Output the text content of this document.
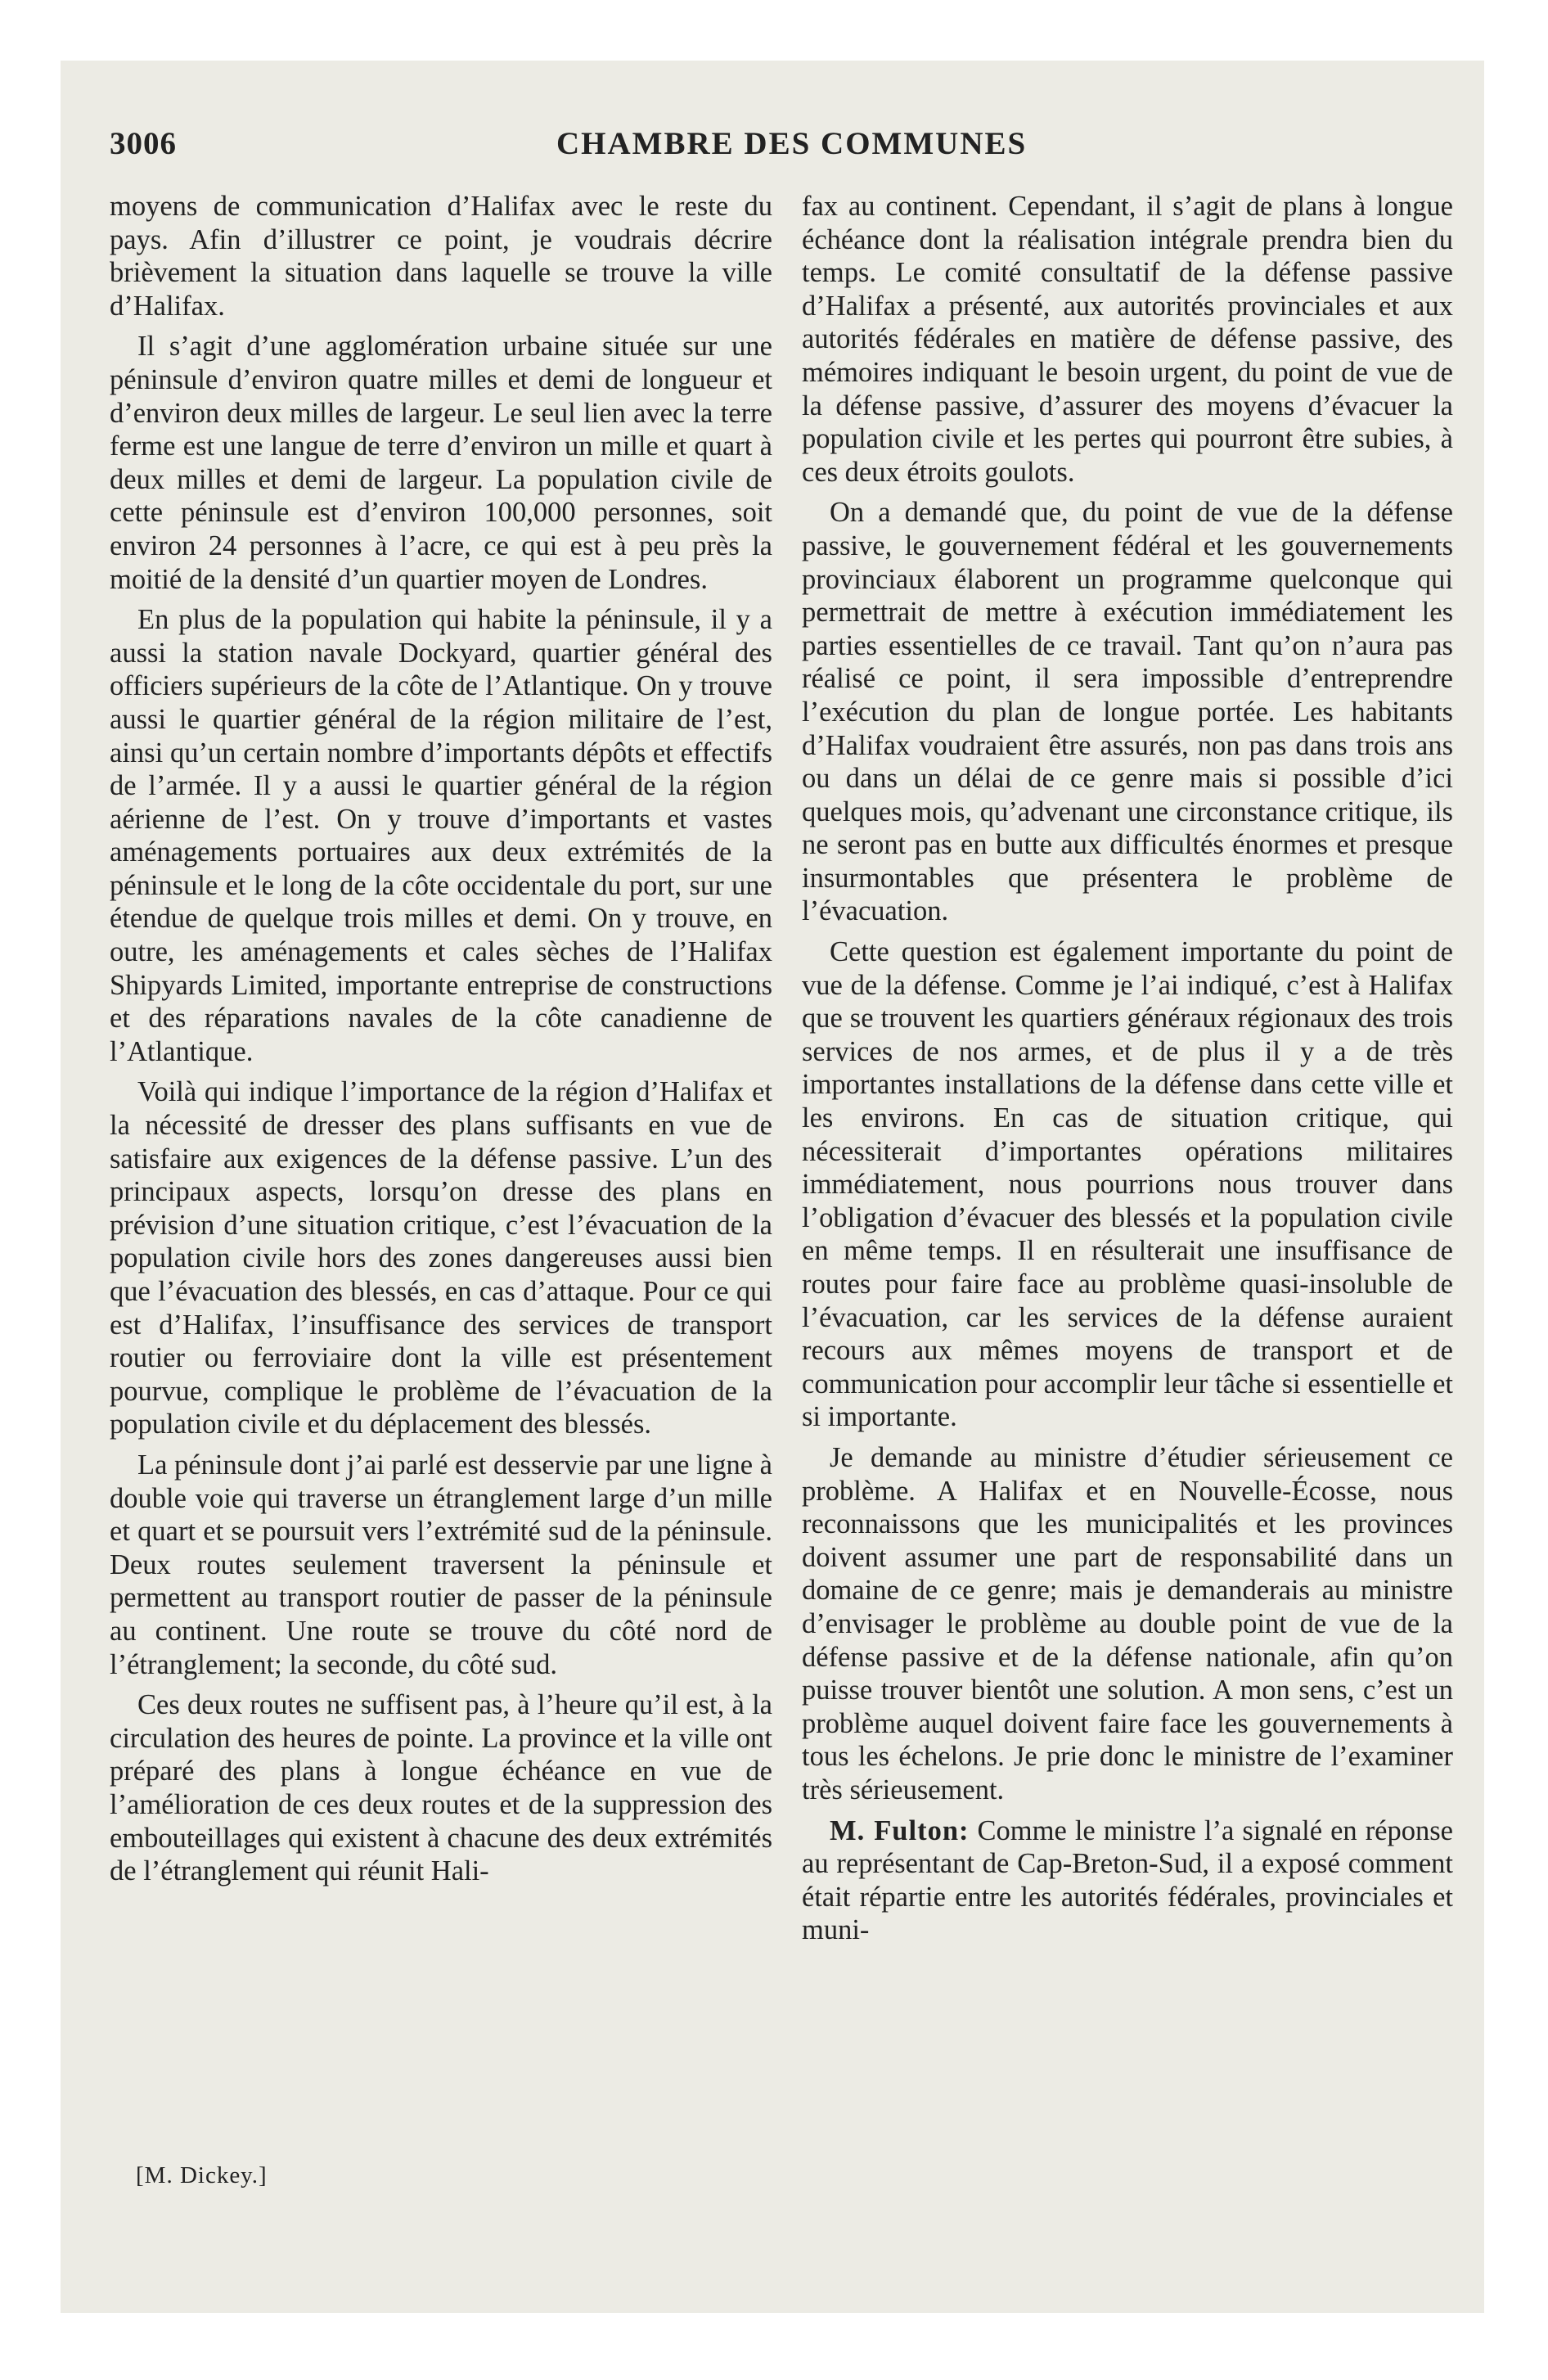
3006	CHAMBRE DES COMMUNES

moyens de communication d’Halifax avec le reste du pays. Afin d’illustrer ce point, je voudrais décrire brièvement la situation dans laquelle se trouve la ville d’Halifax.

Il s’agit d’une agglomération urbaine située sur une péninsule d’environ quatre milles et demi de longueur et d’environ deux milles de largeur. Le seul lien avec la terre ferme est une langue de terre d’environ un mille et quart à deux milles et demi de largeur. La population civile de cette péninsule est d’environ 100,000 personnes, soit environ 24 personnes à l’acre, ce qui est à peu près la moitié de la densité d’un quartier moyen de Londres.

En plus de la population qui habite la péninsule, il y a aussi la station navale Dockyard, quartier général des officiers supérieurs de la côte de l’Atlantique. On y trouve aussi le quartier général de la région militaire de l’est, ainsi qu’un certain nombre d’importants dépôts et effectifs de l’armée. Il y a aussi le quartier général de la région aérienne de l’est. On y trouve d’importants et vastes aménagements portuaires aux deux extrémités de la péninsule et le long de la côte occidentale du port, sur une étendue de quelque trois milles et demi. On y trouve, en outre, les aménagements et cales sèches de l’Halifax Shipyards Limited, importante entreprise de constructions et des réparations navales de la côte canadienne de l’Atlantique.

Voilà qui indique l’importance de la région d’Halifax et la nécessité de dresser des plans suffisants en vue de satisfaire aux exigences de la défense passive. L’un des principaux aspects, lorsqu’on dresse des plans en prévision d’une situation critique, c’est l’évacuation de la population civile hors des zones dangereuses aussi bien que l’évacuation des blessés, en cas d’attaque. Pour ce qui est d’Halifax, l’insuffisance des services de transport routier ou ferroviaire dont la ville est présentement pourvue, complique le problème de l’évacuation de la population civile et du déplacement des blessés.

La péninsule dont j’ai parlé est desservie par une ligne à double voie qui traverse un étranglement large d’un mille et quart et se poursuit vers l’extrémité sud de la péninsule. Deux routes seulement traversent la péninsule et permettent au transport routier de passer de la péninsule au continent. Une route se trouve du côté nord de l’étranglement; la seconde, du côté sud.

Ces deux routes ne suffisent pas, à l’heure qu’il est, à la circulation des heures de pointe. La province et la ville ont préparé des plans à longue échéance en vue de l’amélioration de ces deux routes et de la suppression des embouteillages qui existent à chacune des deux extrémités de l’étranglement qui réunit Hali-

fax au continent. Cependant, il s’agit de plans à longue échéance dont la réalisation intégrale prendra bien du temps. Le comité consultatif de la défense passive d’Halifax a présenté, aux autorités provinciales et aux autorités fédérales en matière de défense passive, des mémoires indiquant le besoin urgent, du point de vue de la défense passive, d’assurer des moyens d’évacuer la population civile et les pertes qui pourront être subies, à ces deux étroits goulots.

On a demandé que, du point de vue de la défense passive, le gouvernement fédéral et les gouvernements provinciaux élaborent un programme quelconque qui permettrait de mettre à exécution immédiatement les parties essentielles de ce travail. Tant qu’on n’aura pas réalisé ce point, il sera impossible d’entreprendre l’exécution du plan de longue portée. Les habitants d’Halifax voudraient être assurés, non pas dans trois ans ou dans un délai de ce genre mais si possible d’ici quelques mois, qu’advenant une circonstance critique, ils ne seront pas en butte aux difficultés énormes et presque insurmontables que présentera le problème de l’évacuation.

Cette question est également importante du point de vue de la défense. Comme je l’ai indiqué, c’est à Halifax que se trouvent les quartiers généraux régionaux des trois services de nos armes, et de plus il y a de très importantes installations de la défense dans cette ville et les environs. En cas de situation critique, qui nécessiterait d’importantes opérations militaires immédiatement, nous pourrions nous trouver dans l’obligation d’évacuer des blessés et la population civile en même temps. Il en résulterait une insuffisance de routes pour faire face au problème quasi-insoluble de l’évacuation, car les services de la défense auraient recours aux mêmes moyens de transport et de communication pour accomplir leur tâche si essentielle et si importante.

Je demande au ministre d’étudier sérieusement ce problème. A Halifax et en Nouvelle-Écosse, nous reconnaissons que les municipalités et les provinces doivent assumer une part de responsabilité dans un domaine de ce genre; mais je demanderais au ministre d’envisager le problème au double point de vue de la défense passive et de la défense nationale, afin qu’on puisse trouver bientôt une solution. A mon sens, c’est un problème auquel doivent faire face les gouvernements à tous les échelons. Je prie donc le ministre de l’examiner très sérieusement.

M. Fulton: Comme le ministre l’a signalé en réponse au représentant de Cap-Breton-Sud, il a exposé comment était répartie entre les autorités fédérales, provinciales et muni-

[M. Dickey.]
